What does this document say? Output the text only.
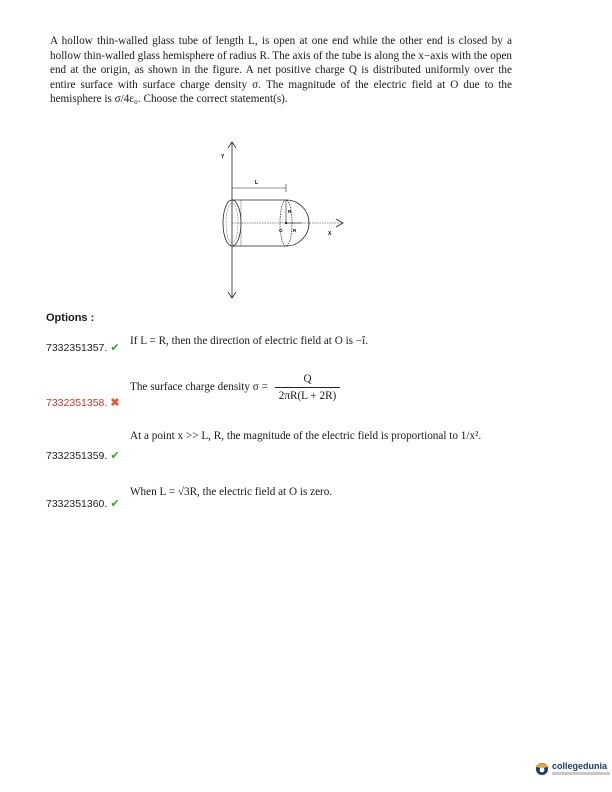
A hollow thin-walled glass tube of length L, is open at one end while the other end is closed by a hollow thin-walled glass hemisphere of radius R. The axis of the tube is along the x−axis with the open end at the origin, as shown in the figure. A net positive charge Q is distributed uniformly over the entire surface with surface charge density σ. The magnitude of the electric field at O due to the hemisphere is σ/4ε₀. Choose the correct statement(s).

Y
L
X
R
R
O
Options :
7332351357. ✔
If L = R, then the direction of electric field at O is −î.
7332351358. ✖
The surface charge density $\sigma = \frac{Q}{2\pi R(L + 2R)}$
7332351359. ✔
At a point x >> L, R, the magnitude of the electric field is proportional to 1/x².
7332351360. ✔
When L = √3R, the electric field at O is zero.
collegedunia
